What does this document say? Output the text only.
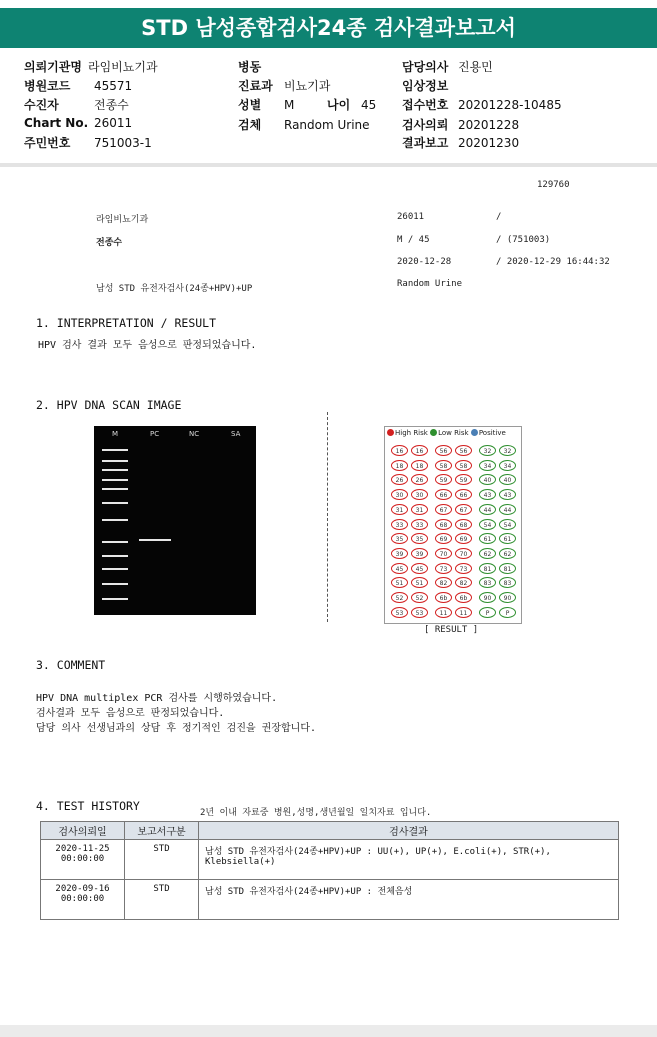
STD 남성종합검사24종 검사결과보고서
의뢰기관명 라임비뇨기과
병원코드 45571
수진자	전종수
Chart No. 26011
주민번호 751003-1
병동
진료과 비뇨기과
성별 M	나이 45
검체 Random Urine
담당의사 진용민
임상정보
접수번호 20201228-10485
검사의뢰 20201228
결과보고 20201230
129760
라임비뇨기과
전종수
남성 STD 유전자검사(24종+HPV)+UP
26011
M / 45
2020-12-28
Random Urine
/
/ (751003)
/ 2020-12-29 16:44:32
1. INTERPRETATION / RESULT
HPV 검사 결과 모두 음성으로 판정되었습니다.
2. HPV DNA SCAN IMAGE
M	PC	NC	SA	High Risk Low Risk Positive
16	16	56	56	32	32
18	18	58	58	34	34
26	26	59	59	40	40
30	30	66	66	43	43
31	31	67	67	44	44
33	33	68	68	54	54
35	35	69	69	61	61
39	39	70	70	62	62
45	45	73	73	81	81
51	51	82	82	83	83
52	52	6b	6b	90	90
53	53	11	11	P	P
[ RESULT ]
3. COMMENT
HPV DNA multiplex PCR 검사를 시행하였습니다.
검사결과 모두 음성으로 판정되었습니다.
담당 의사 선생님과의 상담 후 정기적인 검진을 권장합니다.
4. TEST HISTORY	2년 이내 자료중 병원,성명,생년월일 일치자료 입니다.
검사의뢰일	보고서구분	검사결과
2020-11-25
00:00:00	STD	남성 STD 유전자검사(24종+HPV)+UP : UU(+), UP(+), E.coli(+), STR(+), Klebsiella(+)
2020-09-16
00:00:00	STD	남성 STD 유전자검사(24종+HPV)+UP : 전체음성
